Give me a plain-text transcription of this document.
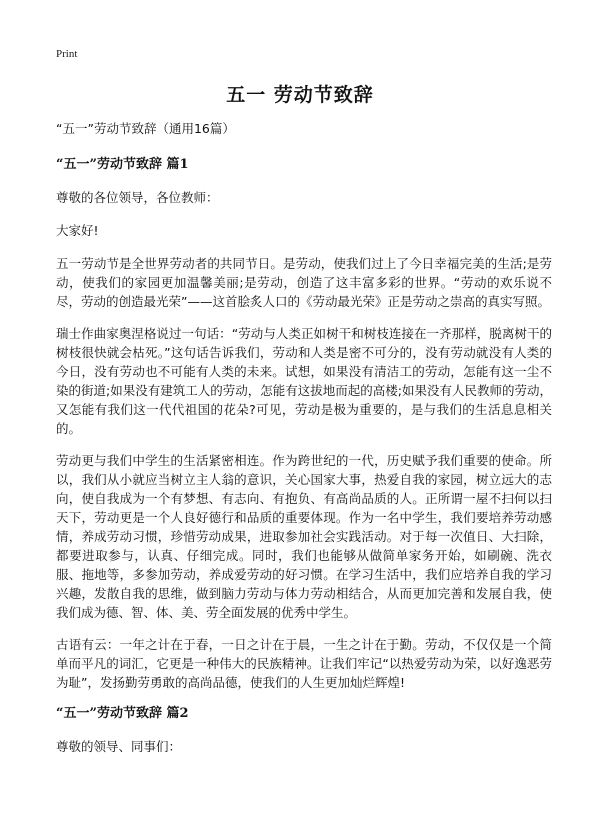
Print
五一 劳动节致辞
“五一”劳动节致辞（通用16篇）
“五一”劳动节致辞 篇1

尊敬的各位领导，各位教师：

大家好!

五一劳动节是全世界劳动者的共同节日。是劳动，使我们过上了今日幸福完美的生活;是劳动，使我们的家园更加温馨美丽;是劳动，创造了这丰富多彩的世界。“劳动的欢乐说不尽，劳动的创造最光荣”——这首脍炙人口的《劳动最光荣》正是劳动之崇高的真实写照。

瑞士作曲家奥涅格说过一句话：“劳动与人类正如树干和树枝连接在一齐那样，脱离树干的树枝很快就会枯死。”这句话告诉我们，劳动和人类是密不可分的，没有劳动就没有人类的今日，没有劳动也不可能有人类的未来。试想，如果没有清洁工的劳动，怎能有这一尘不染的街道;如果没有建筑工人的劳动，怎能有这拔地而起的高楼;如果没有人民教师的劳动，又怎能有我们这一代代祖国的花朵?可见，劳动是极为重要的，是与我们的生活息息相关的。

劳动更与我们中学生的生活紧密相连。作为跨世纪的一代，历史赋予我们重要的使命。所以，我们从小就应当树立主人翁的意识，关心国家大事，热爱自我的家园，树立远大的志向，使自我成为一个有梦想、有志向、有抱负、有高尚品质的人。正所谓一屋不扫何以扫天下，劳动更是一个人良好德行和品质的重要体现。作为一名中学生，我们要培养劳动感情，养成劳动习惯，珍惜劳动成果，进取参加社会实践活动。对于每一次值日、大扫除，都要进取参与，认真、仔细完成。同时，我们也能够从做简单家务开始，如刷碗、洗衣服、拖地等，多参加劳动，养成爱劳动的好习惯。在学习生活中，我们应培养自我的学习兴趣，发散自我的思维，做到脑力劳动与体力劳动相结合，从而更加完善和发展自我，使我们成为德、智、体、美、劳全面发展的优秀中学生。

古语有云：一年之计在于春，一日之计在于晨，一生之计在于勤。劳动，不仅仅是一个简单而平凡的词汇，它更是一种伟大的民族精神。让我们牢记“以热爱劳动为荣，以好逸恶劳为耻”，发扬勤劳勇敢的高尚品德，使我们的人生更加灿烂辉煌!

“五一”劳动节致辞 篇2

尊敬的领导、同事们：
